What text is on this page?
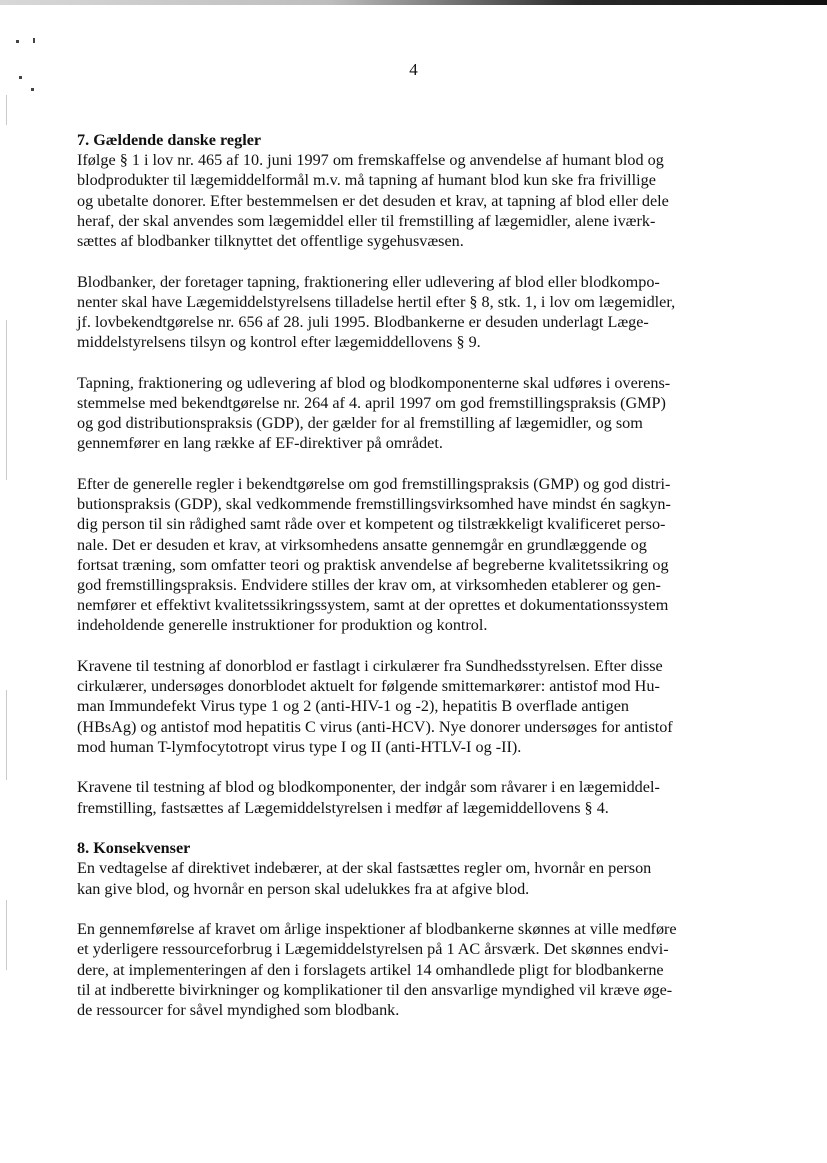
4
7. Gældende danske regler

Ifølge § 1 i lov nr. 465 af 10. juni 1997 om fremskaffelse og anvendelse af humant blod og
blodprodukter til lægemiddelformål m.v. må tapning af humant blod kun ske fra frivillige
og ubetalte donorer. Efter bestemmelsen er det desuden et krav, at tapning af blod eller dele
heraf, der skal anvendes som lægemiddel eller til fremstilling af lægemidler, alene iværk-
sættes af blodbanker tilknyttet det offentlige sygehusvæsen.

Blodbanker, der foretager tapning, fraktionering eller udlevering af blod eller blodkompo-
nenter skal have Lægemiddelstyrelsens tilladelse hertil efter § 8, stk. 1, i lov om lægemidler,
jf. lovbekendtgørelse nr. 656 af 28. juli 1995. Blodbankerne er desuden underlagt Læge-
middelstyrelsens tilsyn og kontrol efter lægemiddellovens § 9.

Tapning, fraktionering og udlevering af blod og blodkomponenterne skal udføres i overens-
stemmelse med bekendtgørelse nr. 264 af 4. april 1997 om god fremstillingspraksis (GMP)
og god distributionspraksis (GDP), der gælder for al fremstilling af lægemidler, og som
gennemfører en lang række af EF-direktiver på området.

Efter de generelle regler i bekendtgørelse om god fremstillingspraksis (GMP) og god distri-
butionspraksis (GDP), skal vedkommende fremstillingsvirksomhed have mindst én sagkyn-
dig person til sin rådighed samt råde over et kompetent og tilstrækkeligt kvalificeret perso-
nale. Det er desuden et krav, at virksomhedens ansatte gennemgår en grundlæggende og
fortsat træning, som omfatter teori og praktisk anvendelse af begreberne kvalitetssikring og
god fremstillingspraksis. Endvidere stilles der krav om, at virksomheden etablerer og gen-
nemfører et effektivt kvalitetssikringssystem, samt at der oprettes et dokumentationssystem
indeholdende generelle instruktioner for produktion og kontrol.

Kravene til testning af donorblod er fastlagt i cirkulærer fra Sundhedsstyrelsen. Efter disse
cirkulærer, undersøges donorblodet aktuelt for følgende smittemarkører: antistof mod Hu-
man Immundefekt Virus type 1 og 2 (anti-HIV-1 og -2), hepatitis B overflade antigen
(HBsAg) og antistof mod hepatitis C virus (anti-HCV). Nye donorer undersøges for antistof
mod human T-lymfocytotropt virus type I og II (anti-HTLV-I og -II).

Kravene til testning af blod og blodkomponenter, der indgår som råvarer i en lægemiddel-
fremstilling, fastsættes af Lægemiddelstyrelsen i medfør af lægemiddellovens § 4.

8. Konsekvenser

En vedtagelse af direktivet indebærer, at der skal fastsættes regler om, hvornår en person
kan give blod, og hvornår en person skal udelukkes fra at afgive blod.

En gennemførelse af kravet om årlige inspektioner af blodbankerne skønnes at ville medføre
et yderligere ressourceforbrug i Lægemiddelstyrelsen på 1 AC årsværk. Det skønnes endvi-
dere, at implementeringen af den i forslagets artikel 14 omhandlede pligt for blodbankerne
til at indberette bivirkninger og komplikationer til den ansvarlige myndighed vil kræve øge-
de ressourcer for såvel myndighed som blodbank.
